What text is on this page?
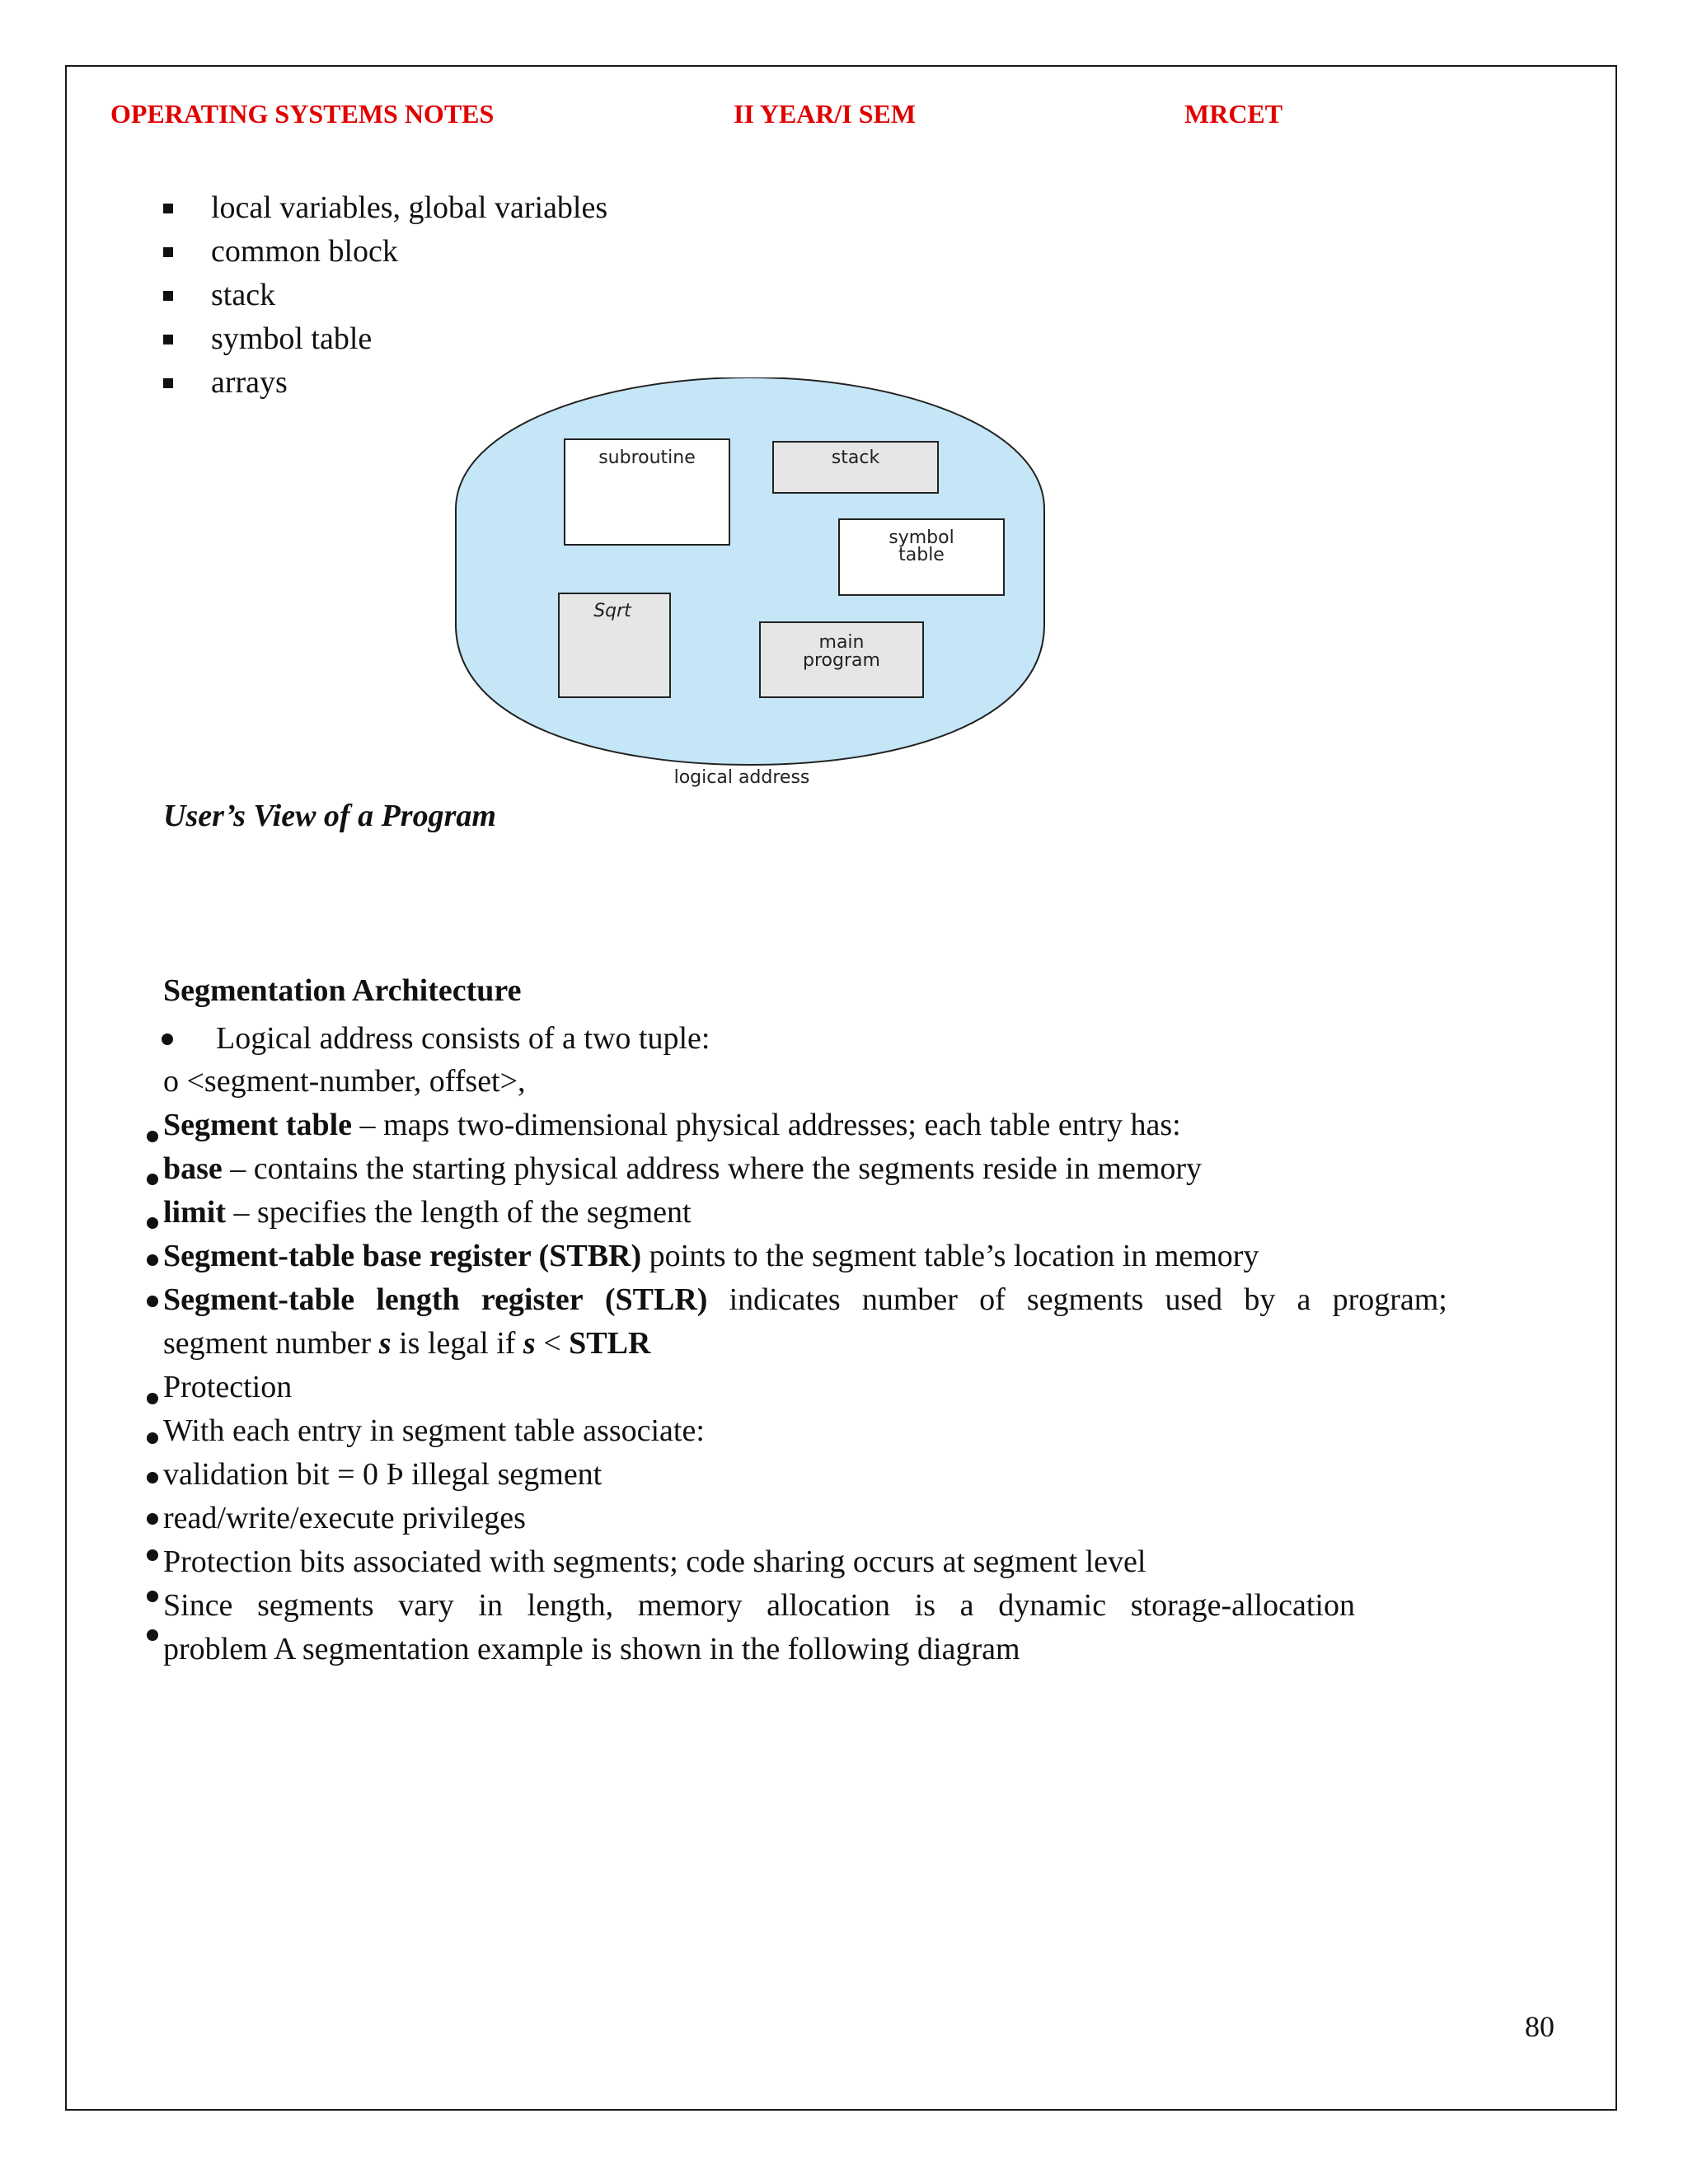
OPERATING SYSTEMS NOTES	II YEAR/I SEM	MRCET
local variables, global variables
common block
stack
symbol table
arrays
subroutine	stack
symbol
table
Sqrt
main
program
logical address
User’s View of a Program
Segmentation Architecture
Logical address consists of a two tuple:
o <segment-number, offset>,
Segment table – maps two-dimensional physical addresses; each table entry has:
base – contains the starting physical address where the segments reside in memory
limit – specifies the length of the segment
Segment-table base register (STBR) points to the segment table’s location in memory
Segment-table length register (STLR) indicates number of segments used by a program;
segment number s is legal if s < STLR
Protection
With each entry in segment table associate:
validation bit = 0 Þ illegal segment
read/write/execute privileges
Protection bits associated with segments; code sharing occurs at segment level
Since segments vary in length, memory allocation is a dynamic storage-allocation
problem A segmentation example is shown in the following diagram
80
